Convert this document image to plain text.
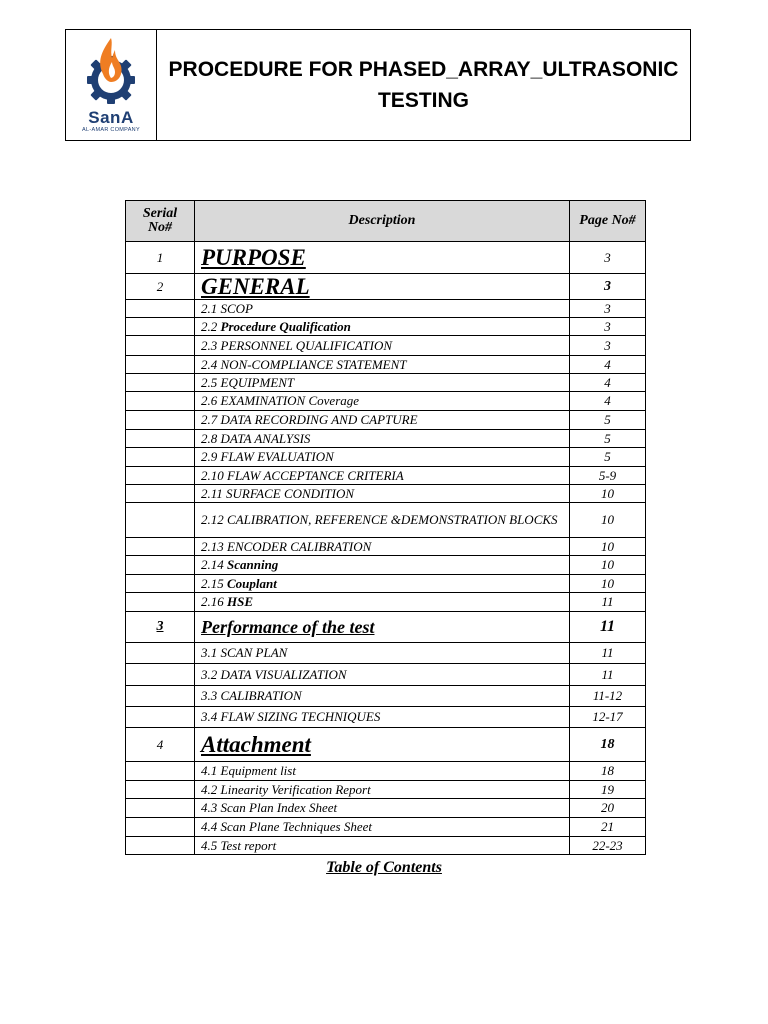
SanA
AL-AMAR COMPANY
PROCEDURE FOR PHASED_ARRAY_ULTRASONIC TESTING
Serial No#	Description	Page No#
1	PURPOSE	3
2	GENERAL	3
	2.1 SCOP	3
	2.2 Procedure Qualification	3
	2.3 PERSONNEL QUALIFICATION	3
	2.4 NON-COMPLIANCE STATEMENT	4
	2.5 EQUIPMENT	4
	2.6 EXAMINATION Coverage	4
	2.7 DATA RECORDING AND CAPTURE	5
	2.8 DATA ANALYSIS	5
	2.9 FLAW EVALUATION	5
	2.10 FLAW ACCEPTANCE CRITERIA	5-9
	2.11 SURFACE CONDITION	10
	2.12 CALIBRATION, REFERENCE &DEMONSTRATION BLOCKS	10
	2.13 ENCODER CALIBRATION	10
	2.14 Scanning	10
	2.15 Couplant	10
	2.16 HSE	11
3	Performance of the test	11
	3.1 SCAN PLAN	11
	3.2 DATA VISUALIZATION	11
	3.3 CALIBRATION	11-12
	3.4 FLAW SIZING TECHNIQUES	12-17
4	Attachment	18
	4.1 Equipment list	18
	4.2 Linearity Verification Report	19
	4.3 Scan Plan Index Sheet	20
	4.4 Scan Plane Techniques Sheet	21
	4.5 Test report	22-23
Table of Contents
